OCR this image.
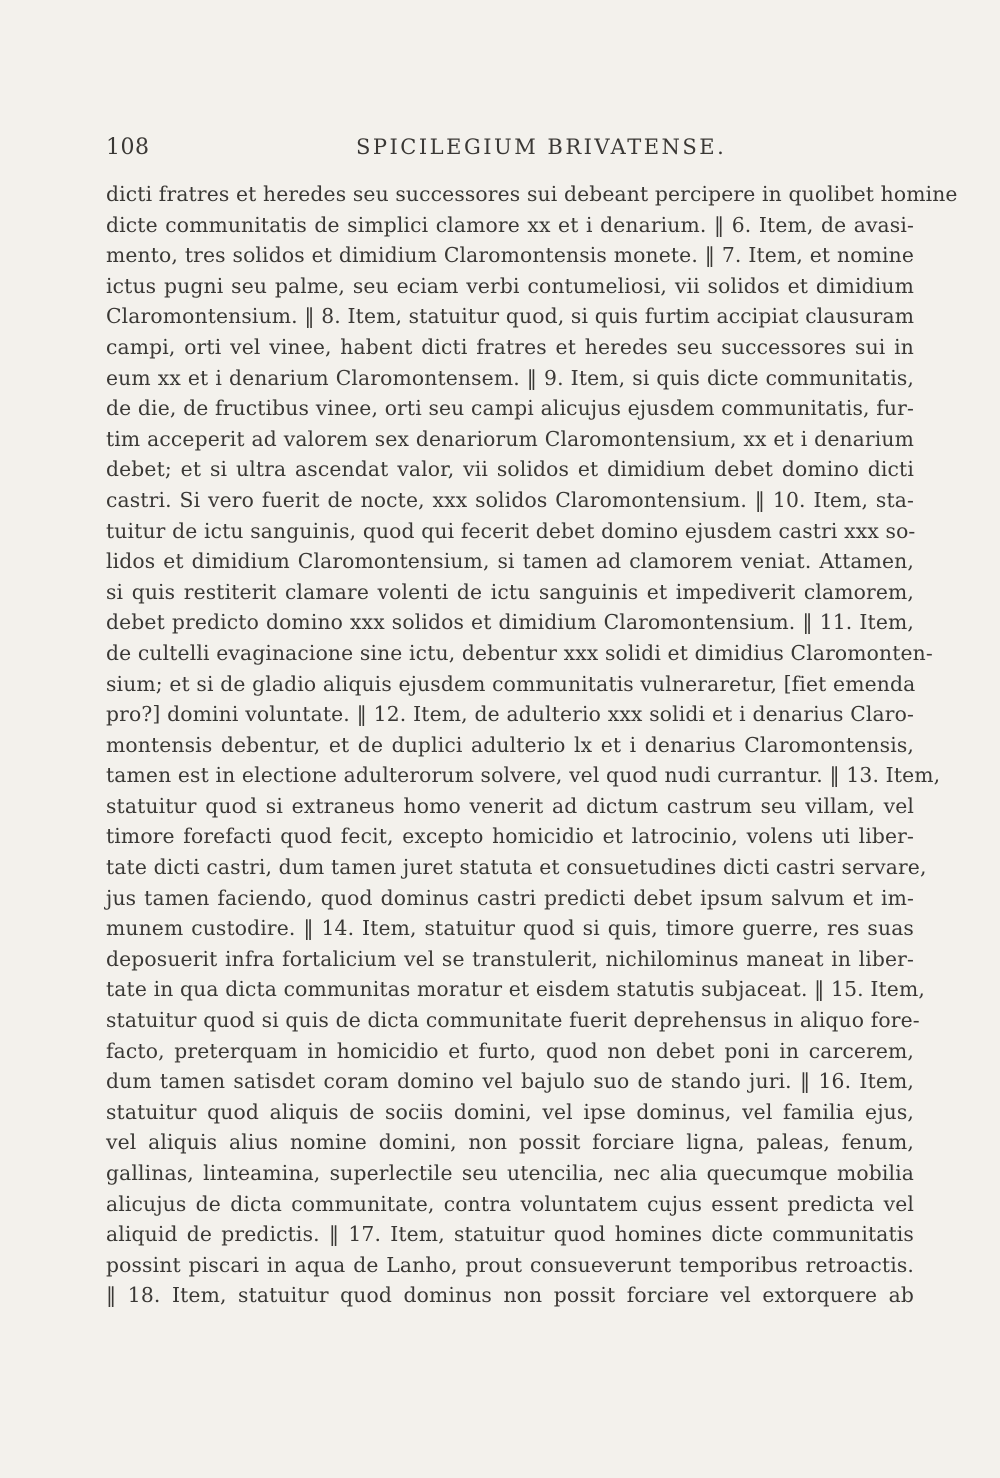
108	SPICILEGIUM BRIVATENSE.
dicti fratres et heredes seu successores sui debeant percipere in quolibet homine
dicte communitatis de simplici clamore xx et i denarium. ‖ 6. Item, de avasi-
mento, tres solidos et dimidium Claromontensis monete. ‖ 7. Item, et nomine
ictus pugni seu palme, seu eciam verbi contumeliosi, vii solidos et dimidium
Claromontensium. ‖ 8. Item, statuitur quod, si quis furtim accipiat clausuram
campi, orti vel vinee, habent dicti fratres et heredes seu successores sui in
eum xx et i denarium Claromontensem. ‖ 9. Item, si quis dicte communitatis,
de die, de fructibus vinee, orti seu campi alicujus ejusdem communitatis, fur-
tim acceperit ad valorem sex denariorum Claromontensium, xx et i denarium
debet; et si ultra ascendat valor, vii solidos et dimidium debet domino dicti
castri. Si vero fuerit de nocte, xxx solidos Claromontensium. ‖ 10. Item, sta-
tuitur de ictu sanguinis, quod qui fecerit debet domino ejusdem castri xxx so-
lidos et dimidium Claromontensium, si tamen ad clamorem veniat. Attamen,
si quis restiterit clamare volenti de ictu sanguinis et impediverit clamorem,
debet predicto domino xxx solidos et dimidium Claromontensium. ‖ 11. Item,
de cultelli evaginacione sine ictu, debentur xxx solidi et dimidius Claromonten-
sium; et si de gladio aliquis ejusdem communitatis vulneraretur, [fiet emenda
pro?] domini voluntate. ‖ 12. Item, de adulterio xxx solidi et i denarius Claro-
montensis debentur, et de duplici adulterio lx et i denarius Claromontensis,
tamen est in electione adulterorum solvere, vel quod nudi currantur. ‖ 13. Item,
statuitur quod si extraneus homo venerit ad dictum castrum seu villam, vel
timore forefacti quod fecit, excepto homicidio et latrocinio, volens uti liber-
tate dicti castri, dum tamen juret statuta et consuetudines dicti castri servare,
jus tamen faciendo, quod dominus castri predicti debet ipsum salvum et im-
munem custodire. ‖ 14. Item, statuitur quod si quis, timore guerre, res suas
deposuerit infra fortalicium vel se transtulerit, nichilominus maneat in liber-
tate in qua dicta communitas moratur et eisdem statutis subjaceat. ‖ 15. Item,
statuitur quod si quis de dicta communitate fuerit deprehensus in aliquo fore-
facto, preterquam in homicidio et furto, quod non debet poni in carcerem,
dum tamen satisdet coram domino vel bajulo suo de stando juri. ‖ 16. Item,
statuitur quod aliquis de sociis domini, vel ipse dominus, vel familia ejus,
vel aliquis alius nomine domini, non possit forciare ligna, paleas, fenum,
gallinas, linteamina, superlectile seu utencilia, nec alia quecumque mobilia
alicujus de dicta communitate, contra voluntatem cujus essent predicta vel
aliquid de predictis. ‖ 17. Item, statuitur quod homines dicte communitatis
possint piscari in aqua de Lanho, prout consueverunt temporibus retroactis.
‖ 18. Item, statuitur quod dominus non possit forciare vel extorquere ab
